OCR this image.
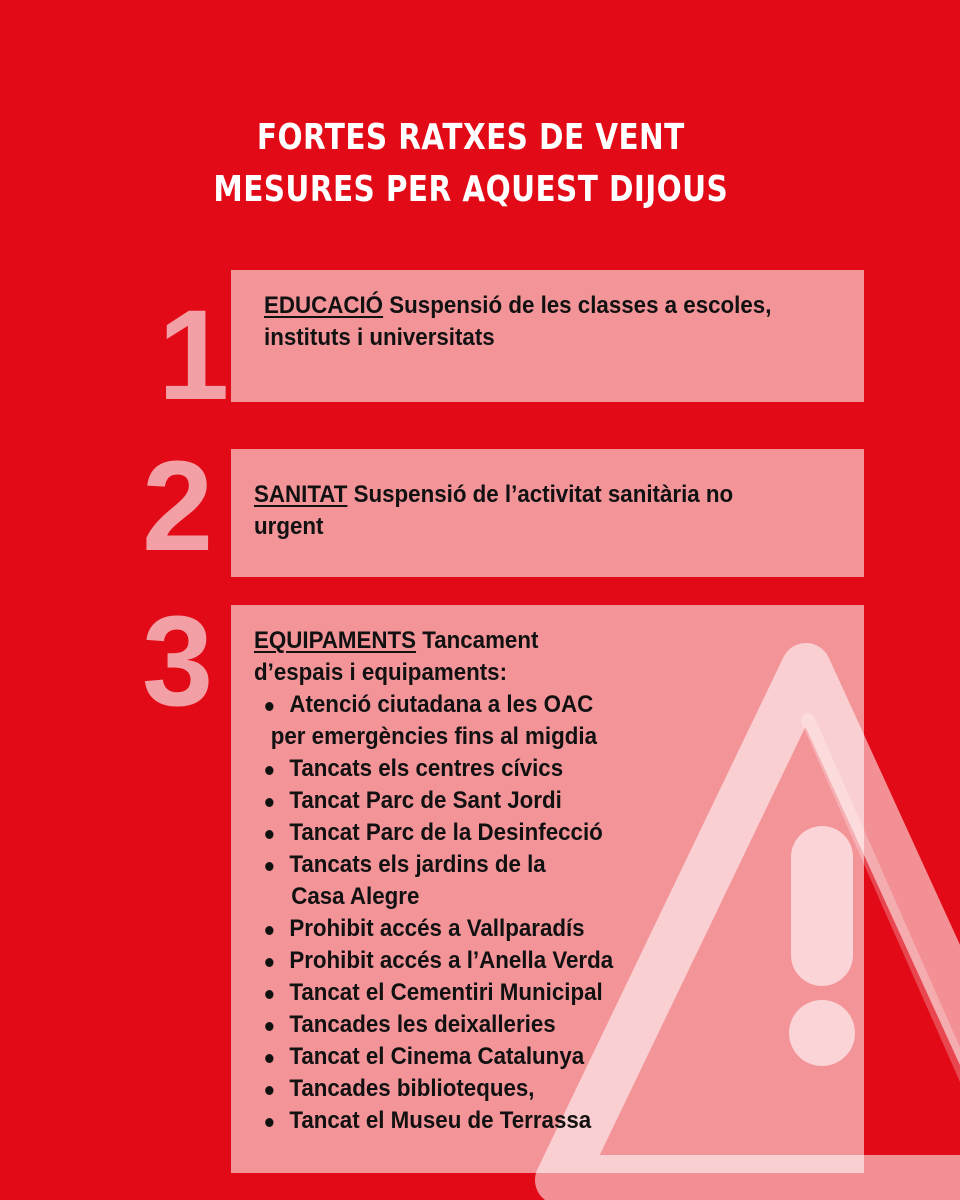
FORTES RATXES DE VENT
MESURES PER AQUEST DIJOUS
1
2
3
EDUCACIÓ Suspensió de les classes a escoles, instituts i universitats
SANITAT Suspensió de l’activitat sanitària no urgent
EQUIPAMENTS Tancament
d’espais i equipaments:
Atenció ciutadana a les OAC
per emergències fins al migdia
Tancats els centres cívics
Tancat Parc de Sant Jordi
Tancat Parc de la Desinfecció
Tancats els jardins de la
Casa Alegre
Prohibit accés a Vallparadís
Prohibit accés a l’Anella Verda
Tancat el Cementiri Municipal
Tancades les deixalleries
Tancat el Cinema Catalunya
Tancades biblioteques,
Tancat el Museu de Terrassa
